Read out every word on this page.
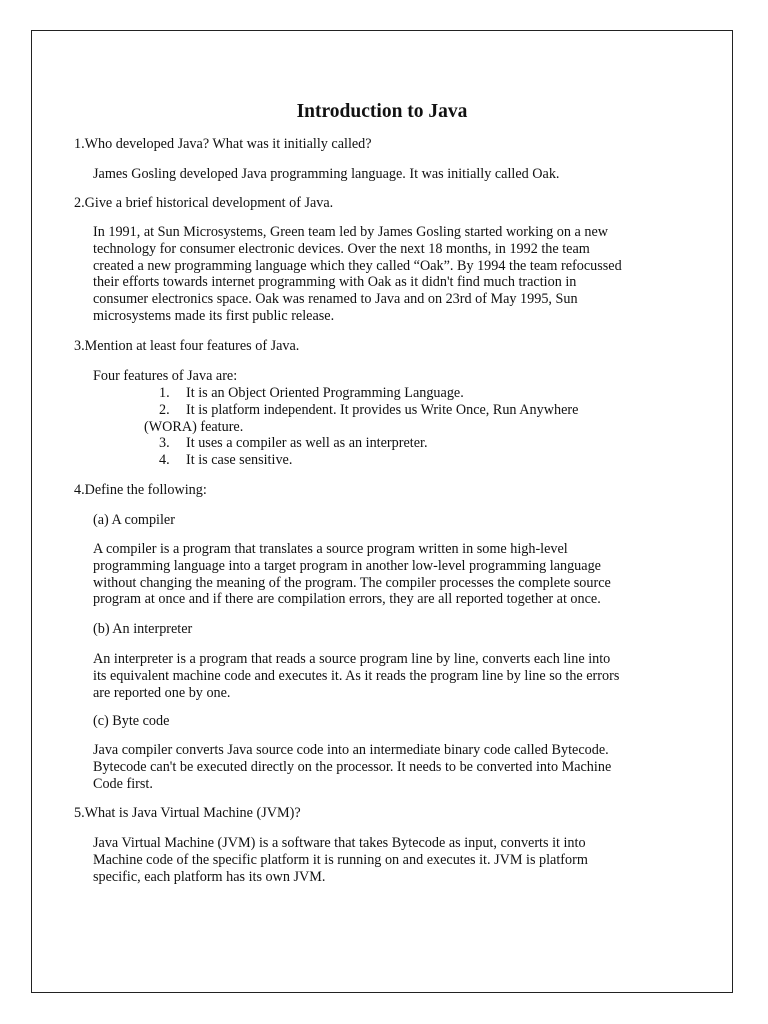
Introduction to Java

1.Who developed Java? What was it initially called?

James Gosling developed Java programming language. It was initially called Oak.

2.Give a brief historical development of Java.

In 1991, at Sun Microsystems, Green team led by James Gosling started working on a new
technology for consumer electronic devices. Over the next 18 months, in 1992 the team
created a new programming language which they called “Oak”. By 1994 the team refocussed
their efforts towards internet programming with Oak as it didn't find much traction in
consumer electronics space. Oak was renamed to Java and on 23rd of May 1995, Sun
microsystems made its first public release.

3.Mention at least four features of Java.

Four features of Java are:

1. It is an Object Oriented Programming Language.
2. It is platform independent. It provides us Write Once, Run Anywhere

(WORA) feature.

3. It uses a compiler as well as an interpreter.
4. It is case sensitive.

4.Define the following:

(a) A compiler

A compiler is a program that translates a source program written in some high-level
programming language into a target program in another low-level programming language
without changing the meaning of the program. The compiler processes the complete source
program at once and if there are compilation errors, they are all reported together at once.

(b) An interpreter

An interpreter is a program that reads a source program line by line, converts each line into
its equivalent machine code and executes it. As it reads the program line by line so the errors
are reported one by one.

(c) Byte code

Java compiler converts Java source code into an intermediate binary code called Bytecode.
Bytecode can't be executed directly on the processor. It needs to be converted into Machine
Code first.

5.What is Java Virtual Machine (JVM)?

Java Virtual Machine (JVM) is a software that takes Bytecode as input, converts it into
Machine code of the specific platform it is running on and executes it. JVM is platform
specific, each platform has its own JVM.
